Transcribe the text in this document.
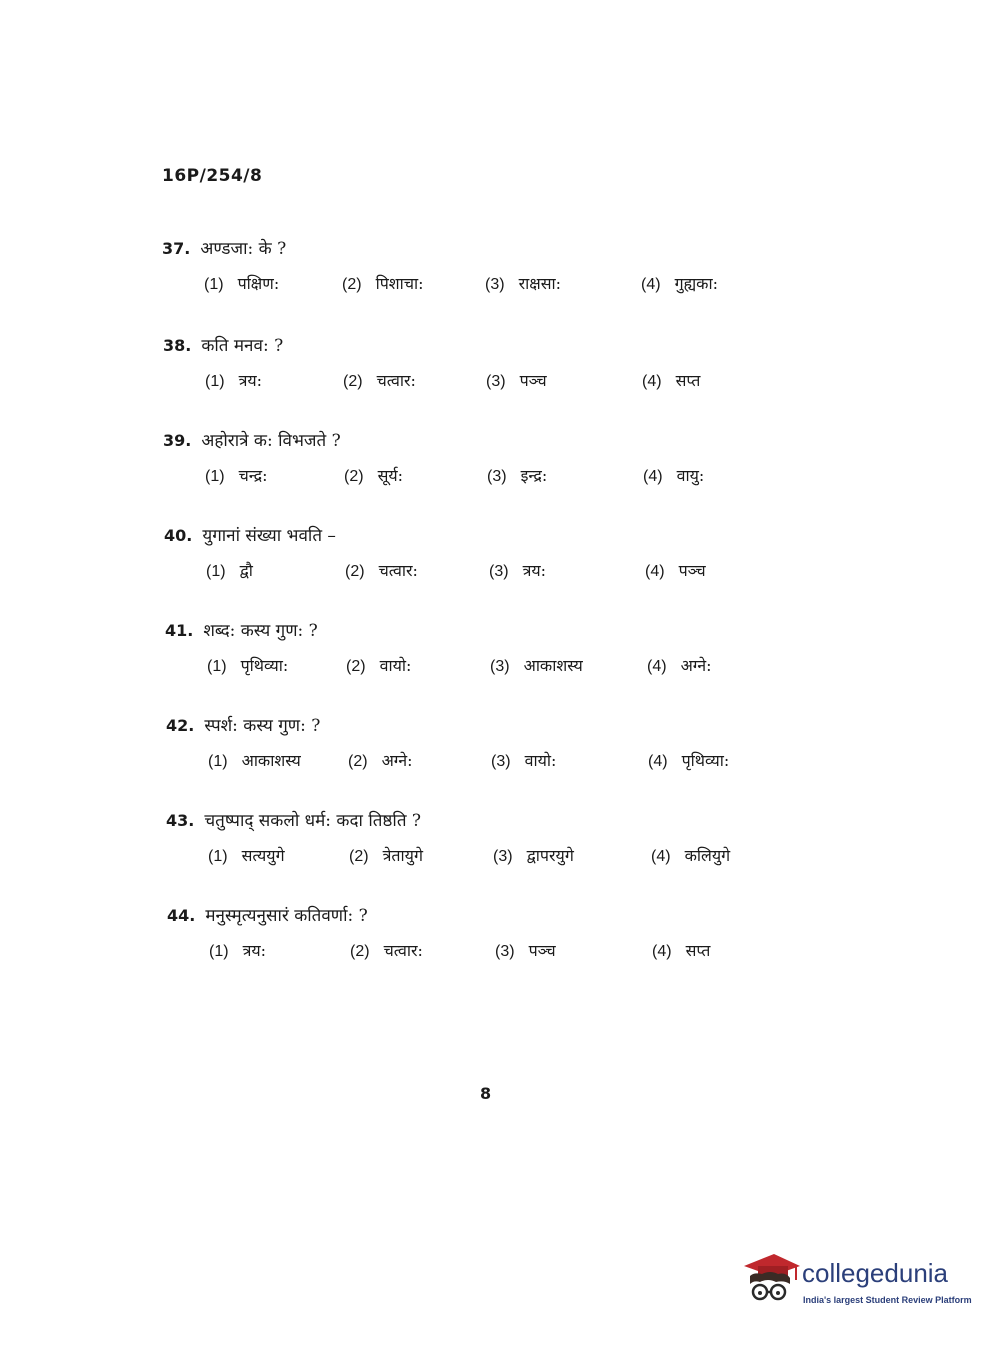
16P/254/8
37. अण्डजा: के ?
(1) पक्षिण:	(2) पिशाचा:	(3) राक्षसा:	(4) गुह्यका:
38. कति मनव: ?
(1) त्रय:	(2) चत्वार:	(3) पञ्च	(4) सप्त
39. अहोरात्रे क: विभजते ?
(1) चन्द्र:	(2) सूर्य:	(3) इन्द्र:	(4) वायु:
40. युगानां संख्या भवति –
(1) द्वौ	(2) चत्वार:	(3) त्रय:	(4) पञ्च
41. शब्द: कस्य गुण: ?
(1) पृथिव्या:	(2) वायो:	(3) आकाशस्य	(4) अग्ने:
42. स्पर्श: कस्य गुण: ?
(1) आकाशस्य	(2) अग्ने:	(3) वायो:	(4) पृथिव्या:
43. चतुष्पाद् सकलो धर्म: कदा तिष्ठति ?
(1) सत्ययुगे	(2) त्रेतायुगे	(3) द्वापरयुगे	(4) कलियुगे
44. मनुस्मृत्यनुसारं कतिवर्णा: ?
(1) त्रय:	(2) चत्वार:	(3) पञ्च	(4) सप्त
8
collegedunia
India's largest Student Review Platform
